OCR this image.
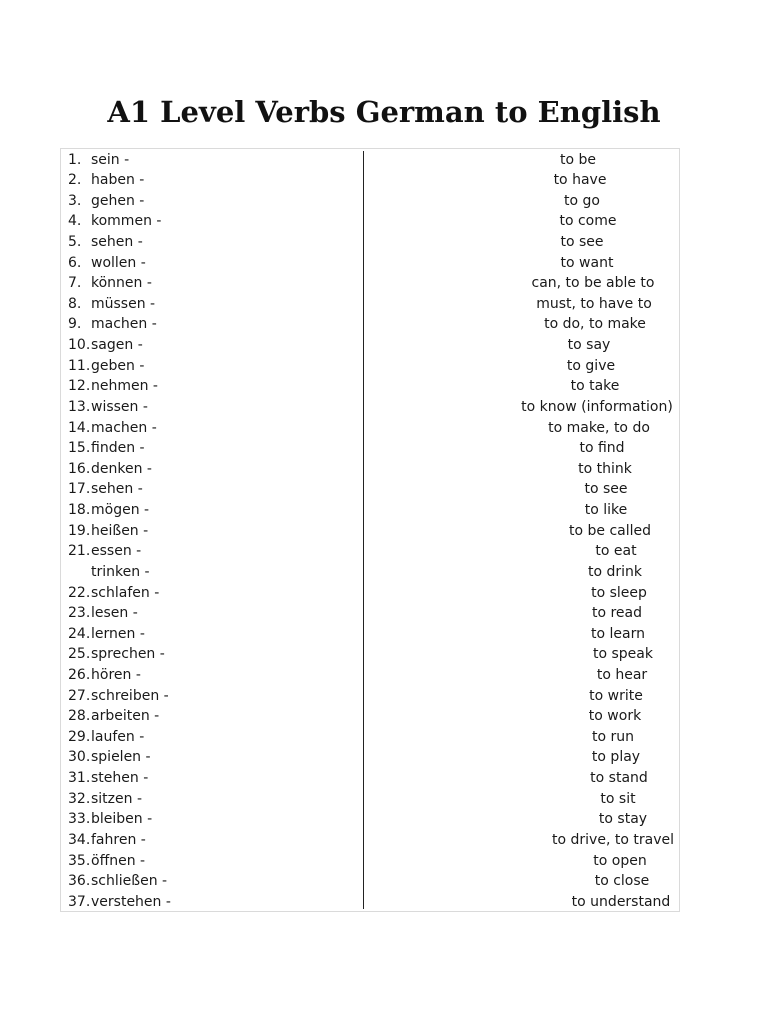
A1 Level Verbs German to English
1. sein -	to be
2. haben -	to have
3. gehen -	to go
4. kommen -	to come
5. sehen -	to see
6. wollen -	to want
7. können -	can, to be able to
8. müssen -	must, to have to
9. machen -	to do, to make
10. sagen -	to say
11. geben -	to give
12. nehmen -	to take
13. wissen -	to know (information)
14. machen -	to make, to do
15. finden -	to find
16. denken -	to think
17. sehen -	to see
18. mögen -	to like
19. heißen -	to be called
21. essen -	to eat
trinken -	to drink
22. schlafen -	to sleep
23. lesen -	to read
24. lernen -	to learn
25. sprechen -	to speak
26. hören -	to hear
27. schreiben -	to write
28. arbeiten -	to work
29. laufen -	to run
30. spielen -	to play
31. stehen -	to stand
32. sitzen -	to sit
33. bleiben -	to stay
34. fahren -	to drive, to travel
35. öffnen -	to open
36. schließen -	to close
37. verstehen -	to understand
